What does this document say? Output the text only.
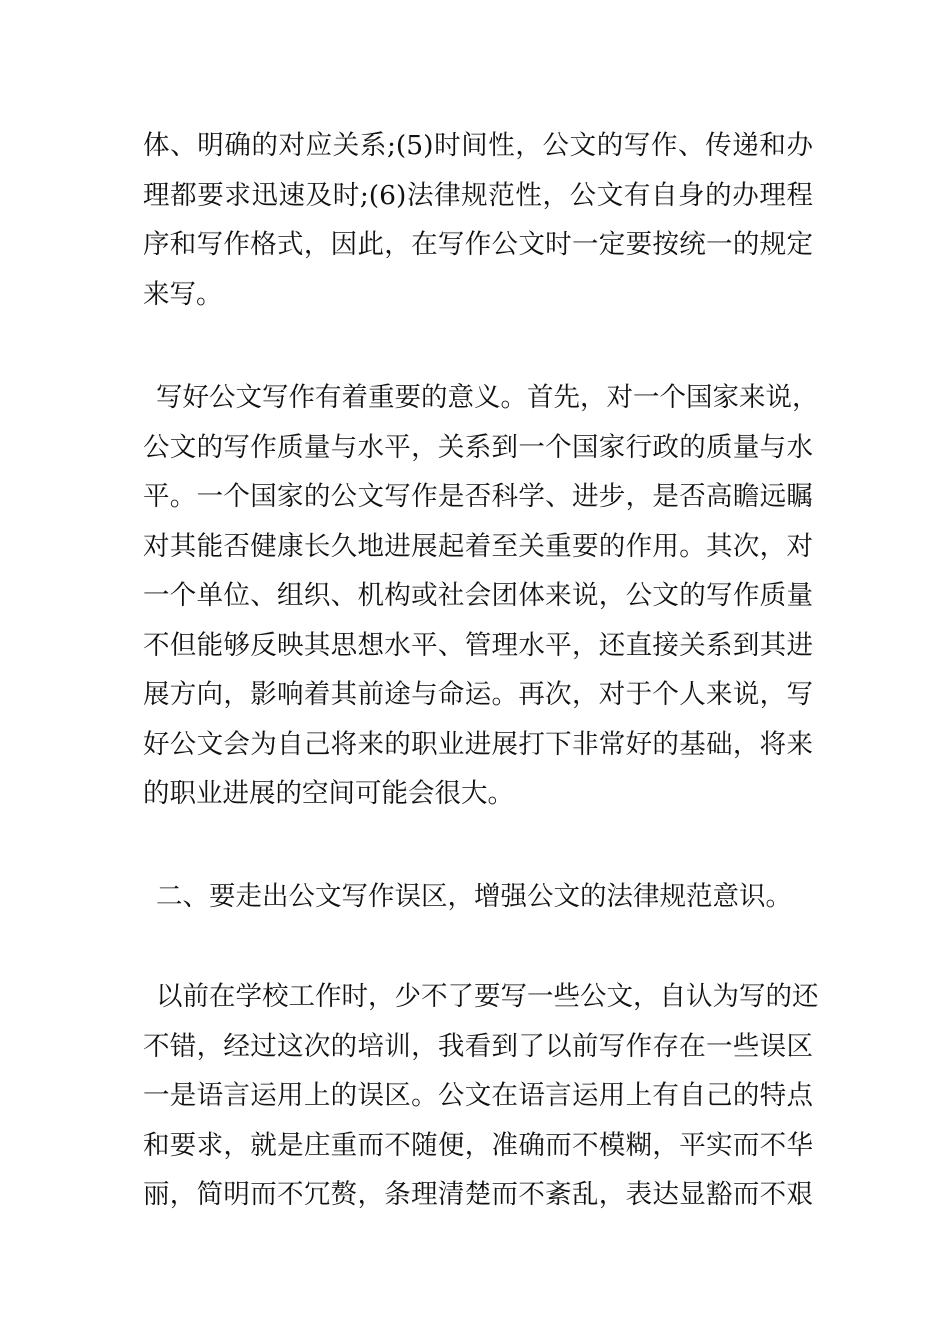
体、明确的对应关系;(5)时间性，公文的写作、传递和办
理都要求迅速及时;(6)法律规范性，公文有自身的办理程
序和写作格式，因此，在写作公文时一定要按统一的规定
来写。
写好公文写作有着重要的意义。首先，对一个国家来说，
公文的写作质量与水平，关系到一个国家行政的质量与水
平。一个国家的公文写作是否科学、进步，是否高瞻远瞩
对其能否健康长久地进展起着至关重要的作用。其次，对
一个单位、组织、机构或社会团体来说，公文的写作质量
不但能够反映其思想水平、管理水平，还直接关系到其进
展方向，影响着其前途与命运。再次，对于个人来说，写
好公文会为自己将来的职业进展打下非常好的基础，将来
的职业进展的空间可能会很大。
二、要走出公文写作误区，增强公文的法律规范意识。
以前在学校工作时，少不了要写一些公文，自认为写的还
不错，经过这次的培训，我看到了以前写作存在一些误区
一是语言运用上的误区。公文在语言运用上有自己的特点
和要求，就是庄重而不随便，准确而不模糊，平实而不华
丽，简明而不冗赘，条理清楚而不紊乱，表达显豁而不艰
